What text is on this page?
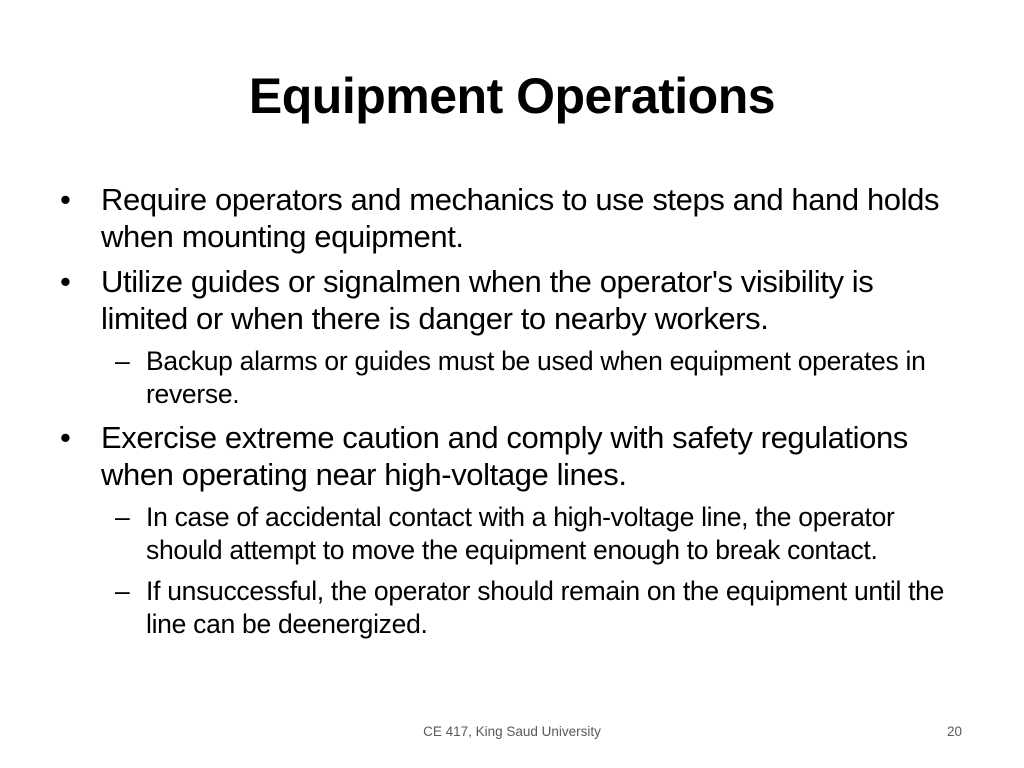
Equipment Operations
• Require operators and mechanics to use steps and hand holds when mounting equipment.
• Utilize guides or signalmen when the operator's visibility is limited or when there is danger to nearby workers.
– Backup alarms or guides must be used when equipment operates in reverse.
• Exercise extreme caution and comply with safety regulations when operating near high-voltage lines.
– In case of accidental contact with a high-voltage line, the operator should attempt to move the equipment enough to break contact.
– If unsuccessful, the operator should remain on the equipment until the line can be deenergized.
CE 417, King Saud University	20
